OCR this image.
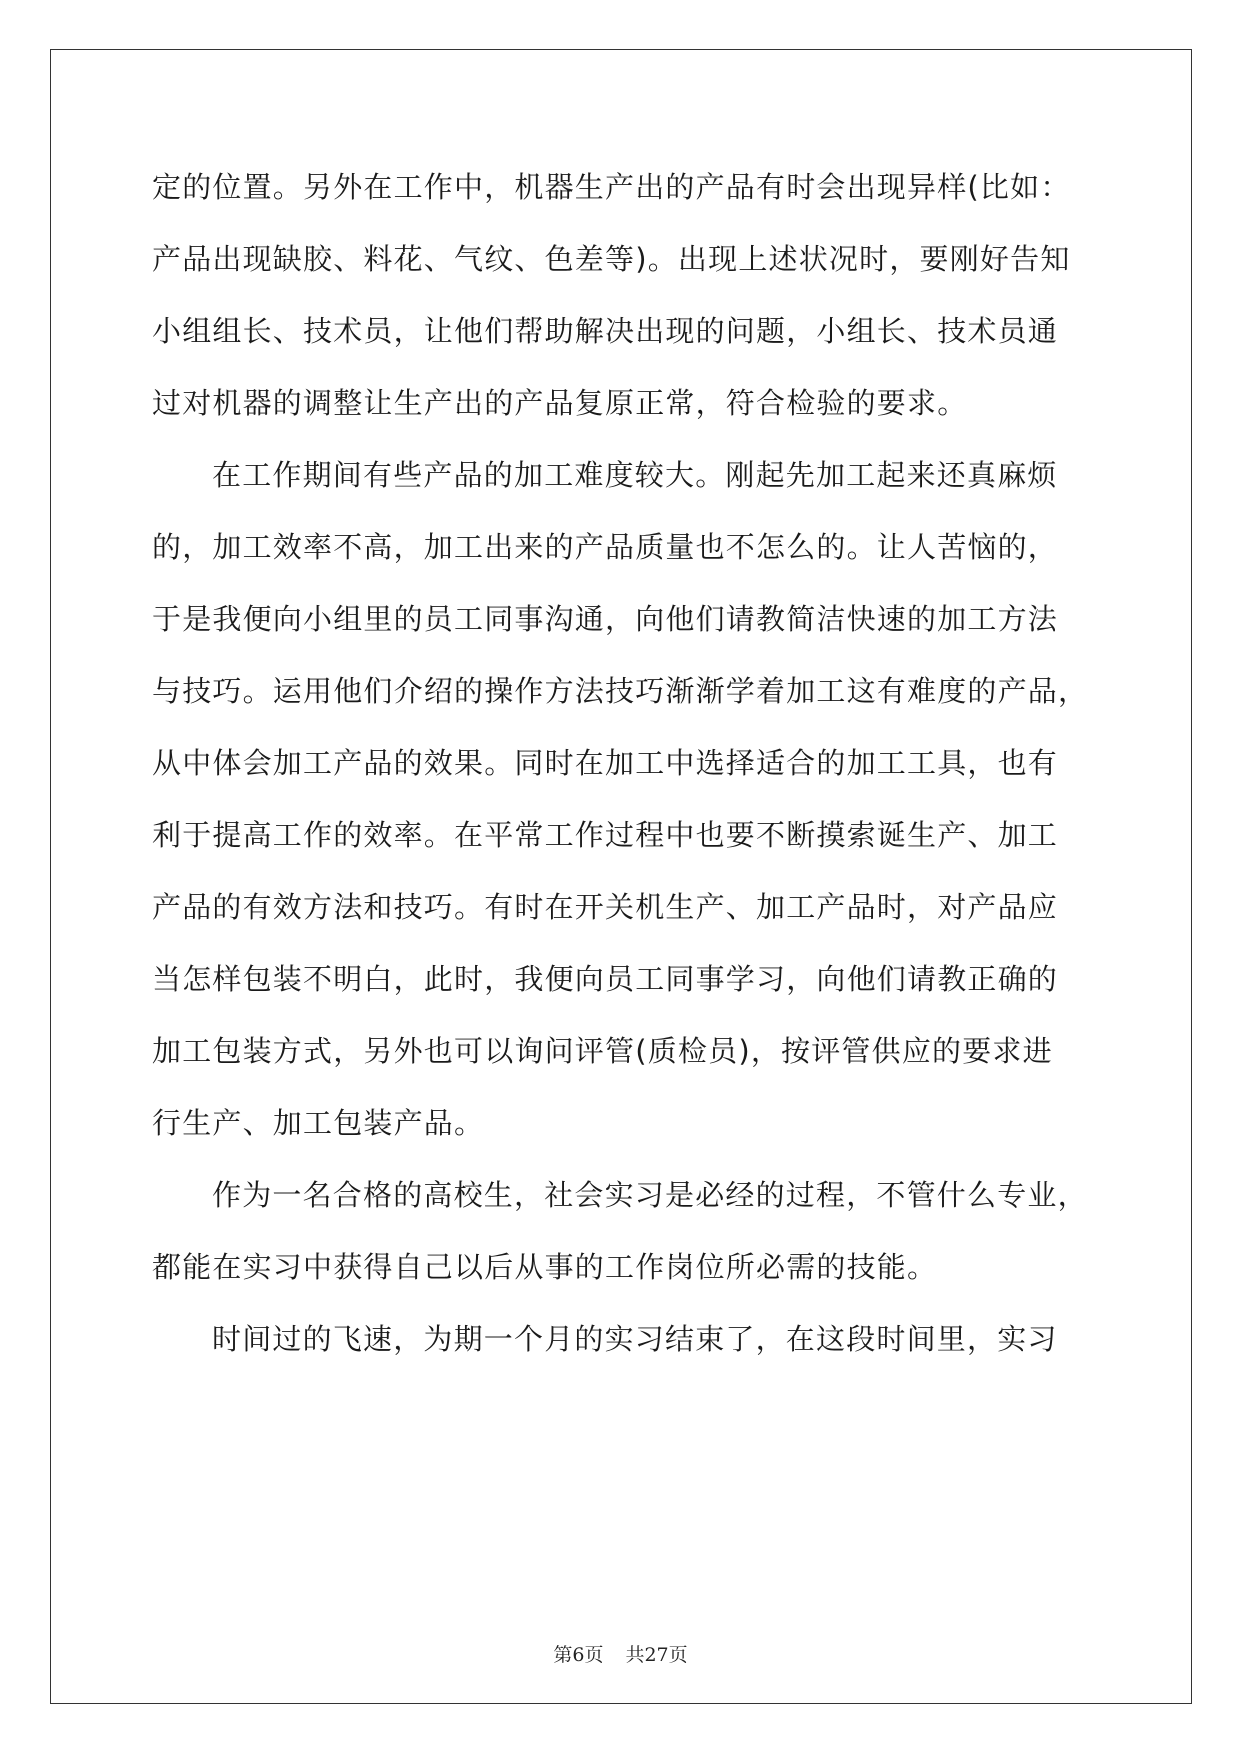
定的位置。另外在工作中，机器生产出的产品有时会出现异样(比如：
产品出现缺胶、料花、气纹、色差等)。出现上述状况时，要刚好告知
小组组长、技术员，让他们帮助解决出现的问题，小组长、技术员通
过对机器的调整让生产出的产品复原正常，符合检验的要求。
在工作期间有些产品的加工难度较大。刚起先加工起来还真麻烦
的，加工效率不高，加工出来的产品质量也不怎么的。让人苦恼的，
于是我便向小组里的员工同事沟通，向他们请教简洁快速的加工方法
与技巧。运用他们介绍的操作方法技巧渐渐学着加工这有难度的产品，
从中体会加工产品的效果。同时在加工中选择适合的加工工具，也有
利于提高工作的效率。在平常工作过程中也要不断摸索诞生产、加工
产品的有效方法和技巧。有时在开关机生产、加工产品时，对产品应
当怎样包装不明白，此时，我便向员工同事学习，向他们请教正确的
加工包装方式，另外也可以询问评管(质检员)，按评管供应的要求进
行生产、加工包装产品。
作为一名合格的高校生，社会实习是必经的过程，不管什么专业，
都能在实习中获得自己以后从事的工作岗位所必需的技能。
时间过的飞速，为期一个月的实习结束了，在这段时间里，实习
第6页 共27页
